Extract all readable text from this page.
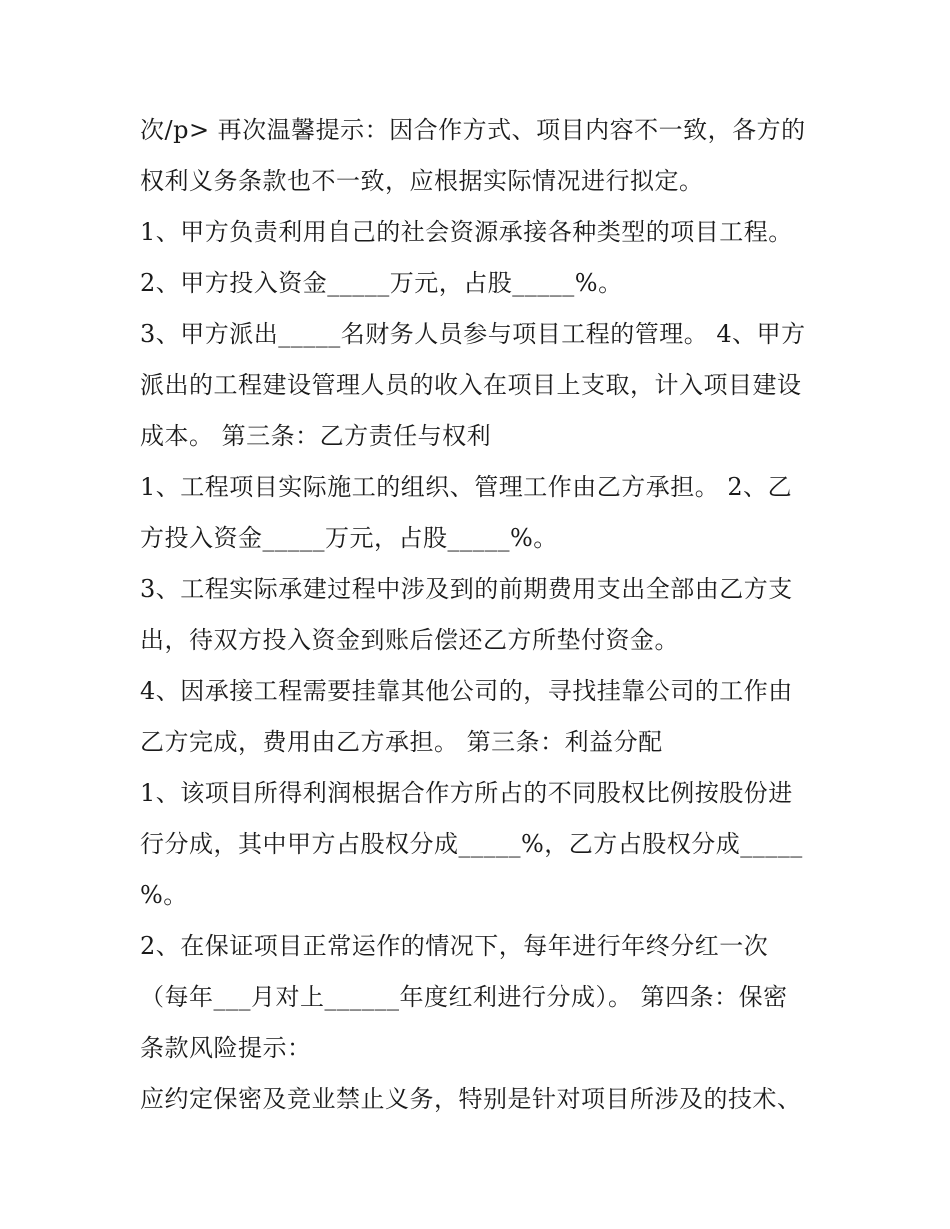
次/p> 再次温馨提示：因合作方式、项目内容不一致，各方的
权利义务条款也不一致，应根据实际情况进行拟定。
1、甲方负责利用自己的社会资源承接各种类型的项目工程。
2、甲方投入资金_____万元，占股_____%。
3、甲方派出_____名财务人员参与项目工程的管理。 4、甲方
派出的工程建设管理人员的收入在项目上支取，计入项目建设
成本。 第三条：乙方责任与权利
1、工程项目实际施工的组织、管理工作由乙方承担。 2、乙
方投入资金_____万元，占股_____%。
3、工程实际承建过程中涉及到的前期费用支出全部由乙方支
出，待双方投入资金到账后偿还乙方所垫付资金。
4、因承接工程需要挂靠其他公司的，寻找挂靠公司的工作由
乙方完成，费用由乙方承担。 第三条：利益分配
1、该项目所得利润根据合作方所占的不同股权比例按股份进
行分成，其中甲方占股权分成_____%，乙方占股权分成_____
%。
2、在保证项目正常运作的情况下，每年进行年终分红一次
（每年___月对上______年度红利进行分成）。 第四条：保密
条款风险提示：
应约定保密及竞业禁止义务，特别是针对项目所涉及的技术、
